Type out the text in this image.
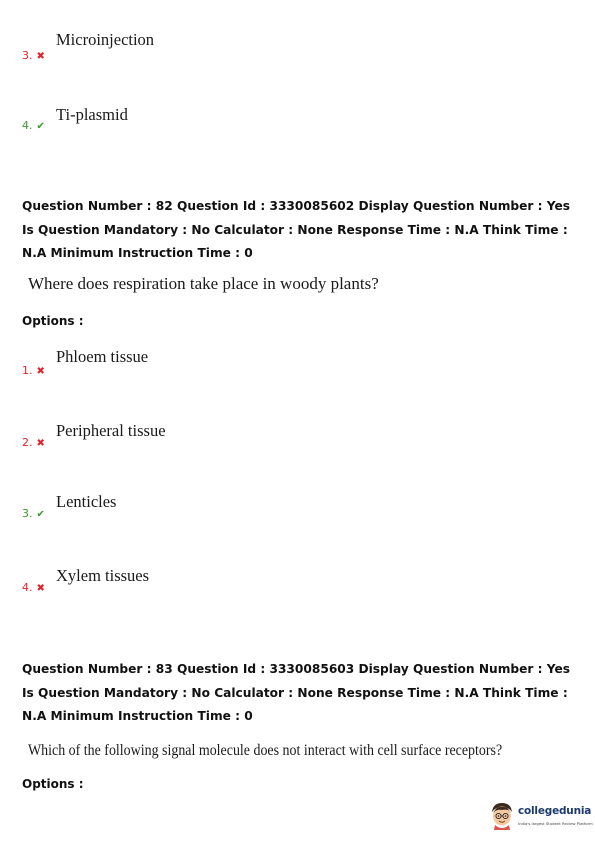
Microinjection
3. ✖
Ti-plasmid
4. ✔
Question Number : 82 Question Id : 3330085602 Display Question Number : Yes Is Question Mandatory : No Calculator : None Response Time : N.A Think Time : N.A Minimum Instruction Time : 0
Where does respiration take place in woody plants?
Options :
Phloem tissue
1. ✖
Peripheral tissue
2. ✖
Lenticles
3. ✔
Xylem tissues
4. ✖
Question Number : 83 Question Id : 3330085603 Display Question Number : Yes Is Question Mandatory : No Calculator : None Response Time : N.A Think Time : N.A Minimum Instruction Time : 0
Which of the following signal molecule does not interact with cell surface receptors?
Options :
collegedunia
India's largest Student Review Platform
